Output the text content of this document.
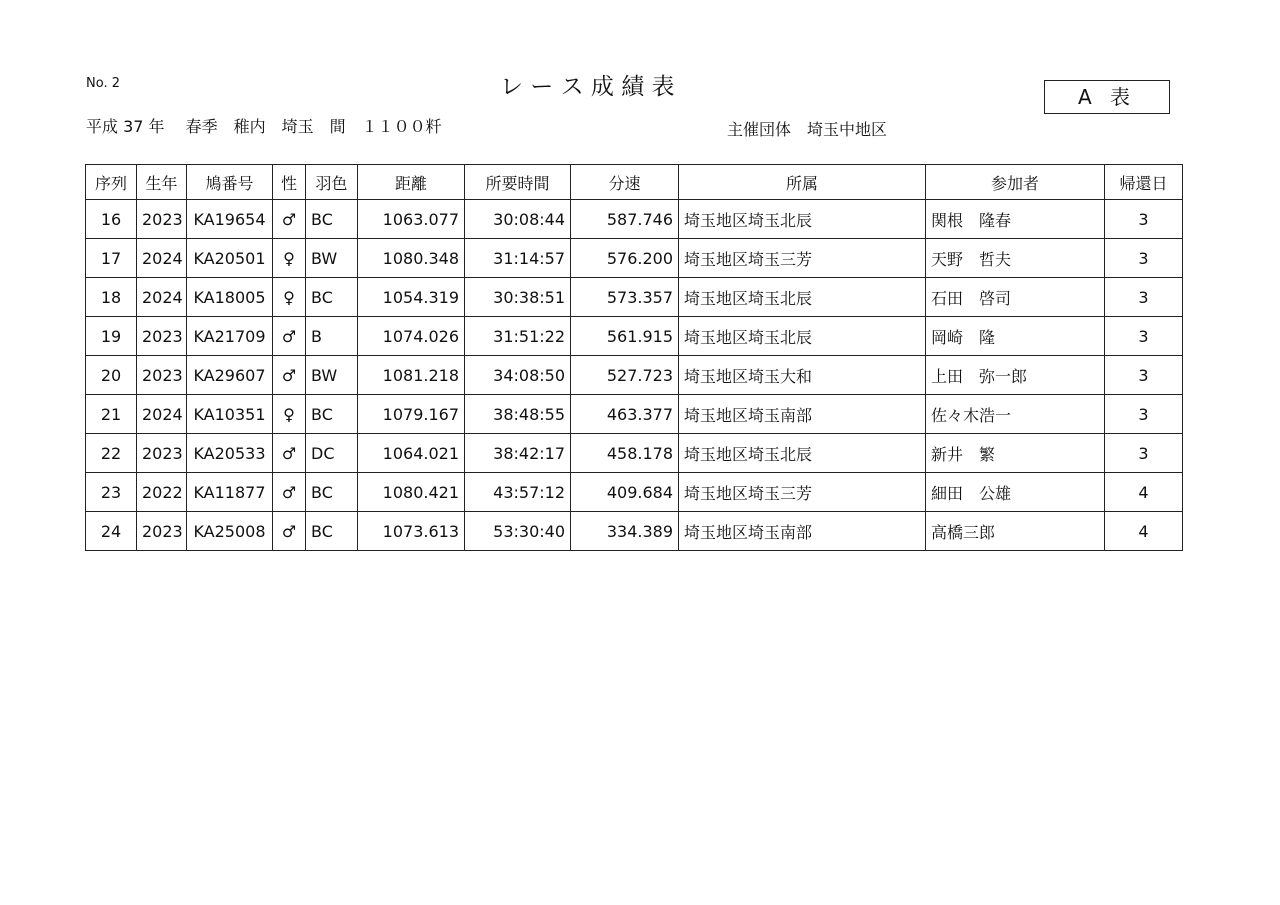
No. 2	レ ー ス 成 績 表	A 表
平成 37 年　 春季　稚内　埼玉　間　１１００粁	主催団体　埼玉中地区
序列	生年	鳩番号	性	羽色	距離	所要時間	分速	所属	参加者	帰還日
16	2023	KA19654	♂	BC	1063.077	30:08:44	587.746	埼玉地区埼玉北辰	関根　隆春	3
17	2024	KA20501	♀	BW	1080.348	31:14:57	576.200	埼玉地区埼玉三芳	天野　哲夫	3
18	2024	KA18005	♀	BC	1054.319	30:38:51	573.357	埼玉地区埼玉北辰	石田　啓司	3
19	2023	KA21709	♂	B	1074.026	31:51:22	561.915	埼玉地区埼玉北辰	岡崎　隆	3
20	2023	KA29607	♂	BW	1081.218	34:08:50	527.723	埼玉地区埼玉大和	上田　弥一郎	3
21	2024	KA10351	♀	BC	1079.167	38:48:55	463.377	埼玉地区埼玉南部	佐々木浩一	3
22	2023	KA20533	♂	DC	1064.021	38:42:17	458.178	埼玉地区埼玉北辰	新井　繁	3
23	2022	KA11877	♂	BC	1080.421	43:57:12	409.684	埼玉地区埼玉三芳	細田　公雄	4
24	2023	KA25008	♂	BC	1073.613	53:30:40	334.389	埼玉地区埼玉南部	高橋三郎	4
